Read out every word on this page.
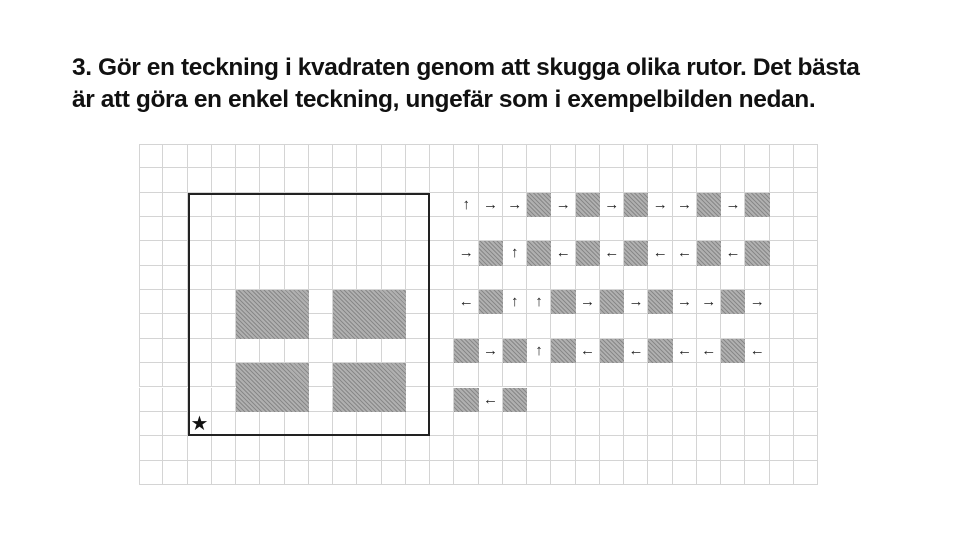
3. Gör en teckning i kvadraten genom att skugga olika rutor. Det bästa
är att göra en enkel teckning, ungefär som i exempelbilden nedan.
★
↑ → →	→	→	→ →	→
→	↑	←	←	← ←	←
←	↑	↑	→	→	→ →	→
→	↑	←	←	← ←	←
←
